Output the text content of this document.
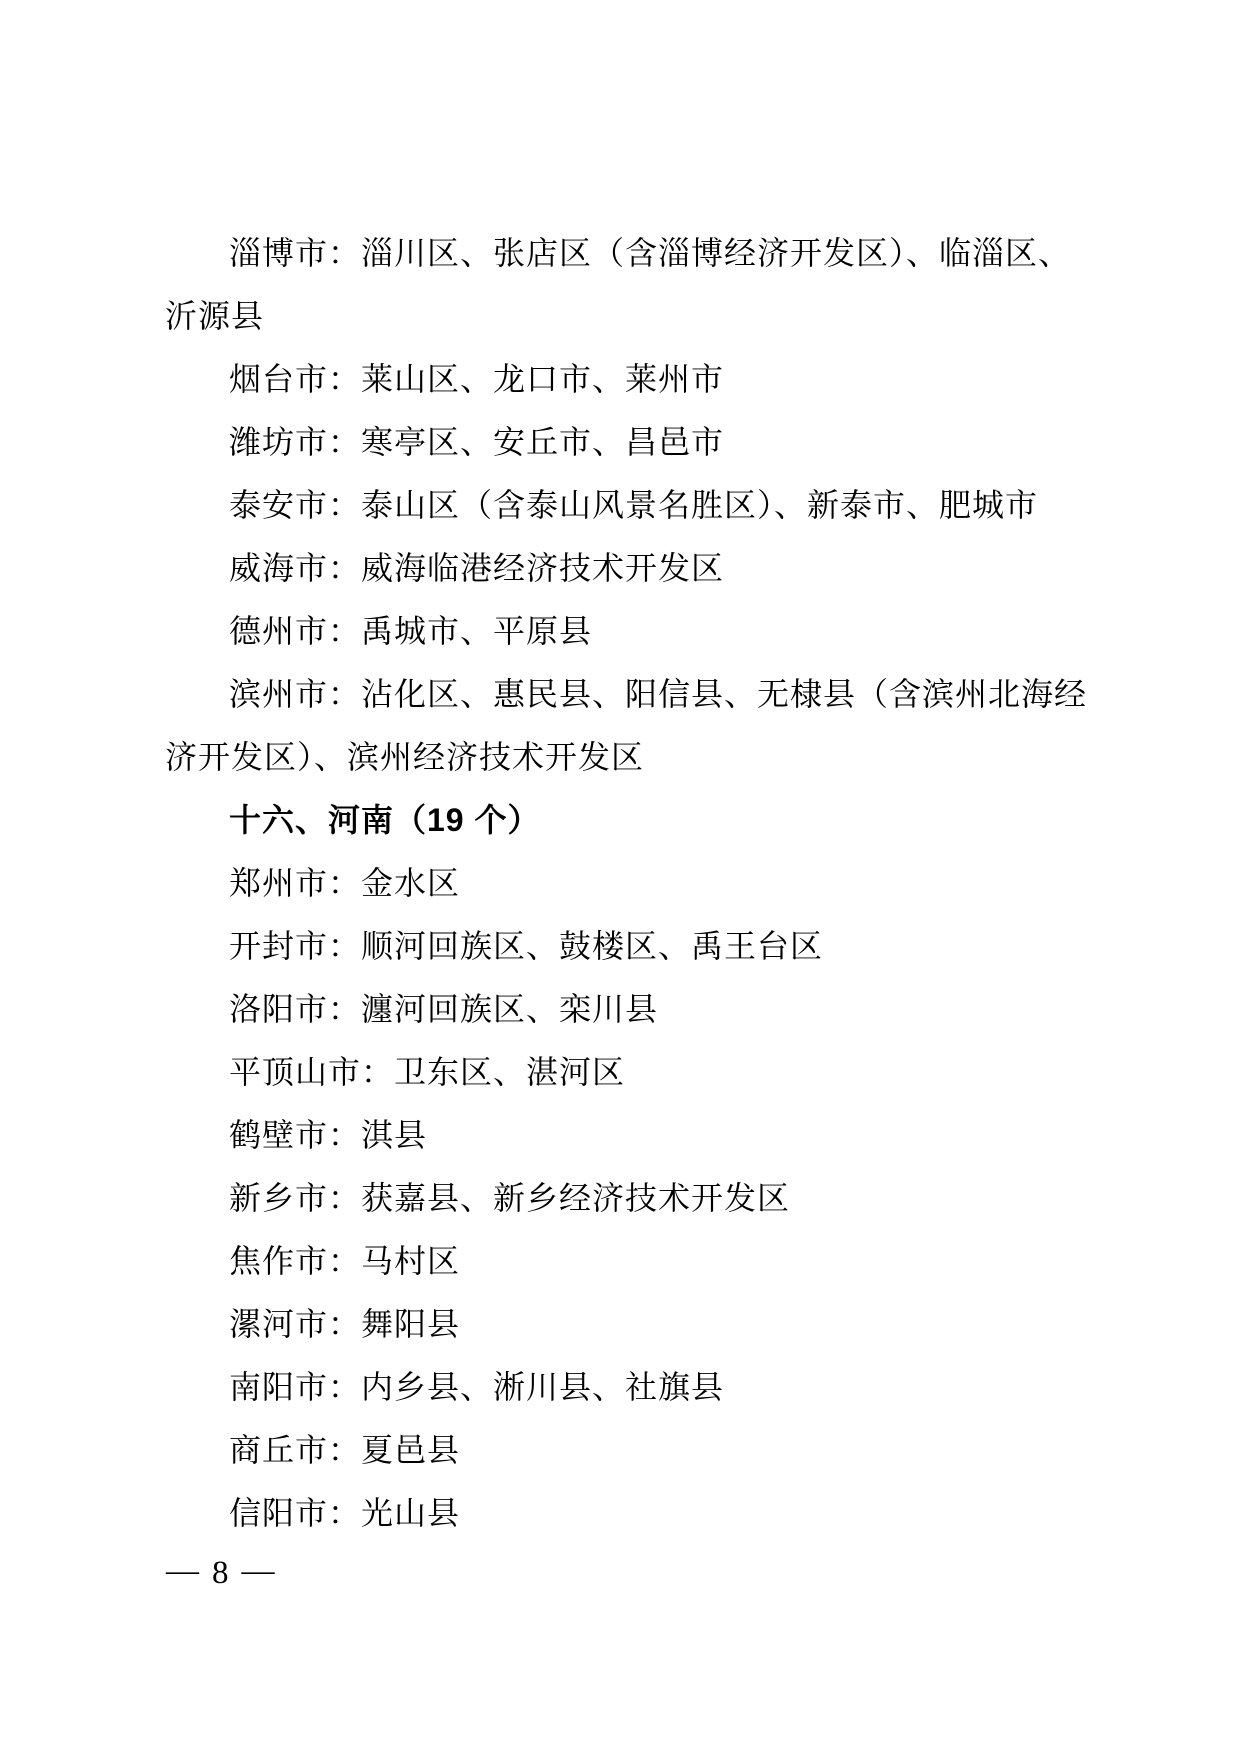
淄博市：淄川区、张店区（含淄博经济开发区）、临淄区、
沂源县
烟台市：莱山区、龙口市、莱州市
潍坊市：寒亭区、安丘市、昌邑市
泰安市：泰山区（含泰山风景名胜区）、新泰市、肥城市
威海市：威海临港经济技术开发区
德州市：禹城市、平原县
滨州市：沾化区、惠民县、阳信县、无棣县（含滨州北海经
济开发区）、滨州经济技术开发区
十六、河南（19 个）
郑州市：金水区
开封市：顺河回族区、鼓楼区、禹王台区
洛阳市：瀍河回族区、栾川县
平顶山市：卫东区、湛河区
鹤壁市：淇县
新乡市：获嘉县、新乡经济技术开发区
焦作市：马村区
漯河市：舞阳县
南阳市：内乡县、淅川县、社旗县
商丘市：夏邑县
信阳市：光山县
— 8 —
